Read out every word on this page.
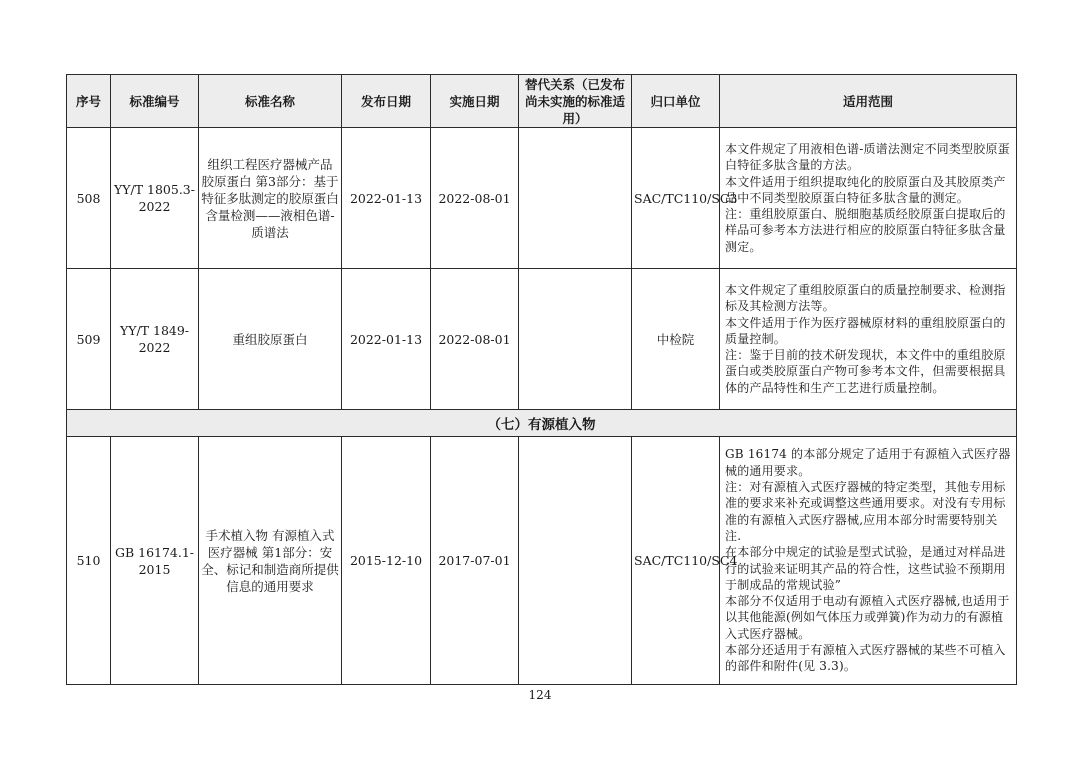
序号	标准编号	标准名称	发布日期	实施日期	替代关系（已发布尚未实施的标准适用）	归口单位	适用范围
508	YY/T 1805.3-2022	组织工程医疗器械产品 胶原蛋白 第3部分：基于特征多肽测定的胶原蛋白含量检测——液相色谱-质谱法	2022-01-13	2022-08-01		SAC/TC110/SC3	本文件规定了用液相色谱-质谱法测定不同类型胶原蛋白特征多肽含量的方法。
本文件适用于组织提取纯化的胶原蛋白及其胶原类产品中不同类型胶原蛋白特征多肽含量的测定。
注：重组胶原蛋白、脱细胞基质经胶原蛋白提取后的样品可参考本方法进行相应的胶原蛋白特征多肽含量测定。
509	YY/T 1849-2022	重组胶原蛋白	2022-01-13	2022-08-01		中检院	本文件规定了重组胶原蛋白的质量控制要求、检测指标及其检测方法等。
本文件适用于作为医疗器械原材料的重组胶原蛋白的质量控制。
注：鉴于目前的技术研发现状，本文件中的重组胶原蛋白或类胶原蛋白产物可参考本文件，但需要根据具体的产品特性和生产工艺进行质量控制。
（七）有源植入物							
510	GB 16174.1-2015	手术植入物 有源植入式医疗器械 第1部分：安全、标记和制造商所提供信息的通用要求	2015-12-10	2017-07-01		SAC/TC110/SC4	GB 16174 的本部分规定了适用于有源植入式医疗器械的通用要求。
注：对有源植入式医疗器械的特定类型，其他专用标准的要求来补充或调整这些通用要求。对没有专用标准的有源植入式医疗器械,应用本部分时需要特别关注.
在本部分中规定的试验是型式试验，是通过对样品进行的试验来证明其产品的符合性，这些试验不预期用于制成品的常规试验”
本部分不仅适用于电动有源植入式医疗器械,也适用于以其他能源(例如气体压力或弹簧)作为动力的有源植入式医疗器械。
本部分还适用于有源植入式医疗器械的某些不可植入的部件和附件(见 3.3)。
124
